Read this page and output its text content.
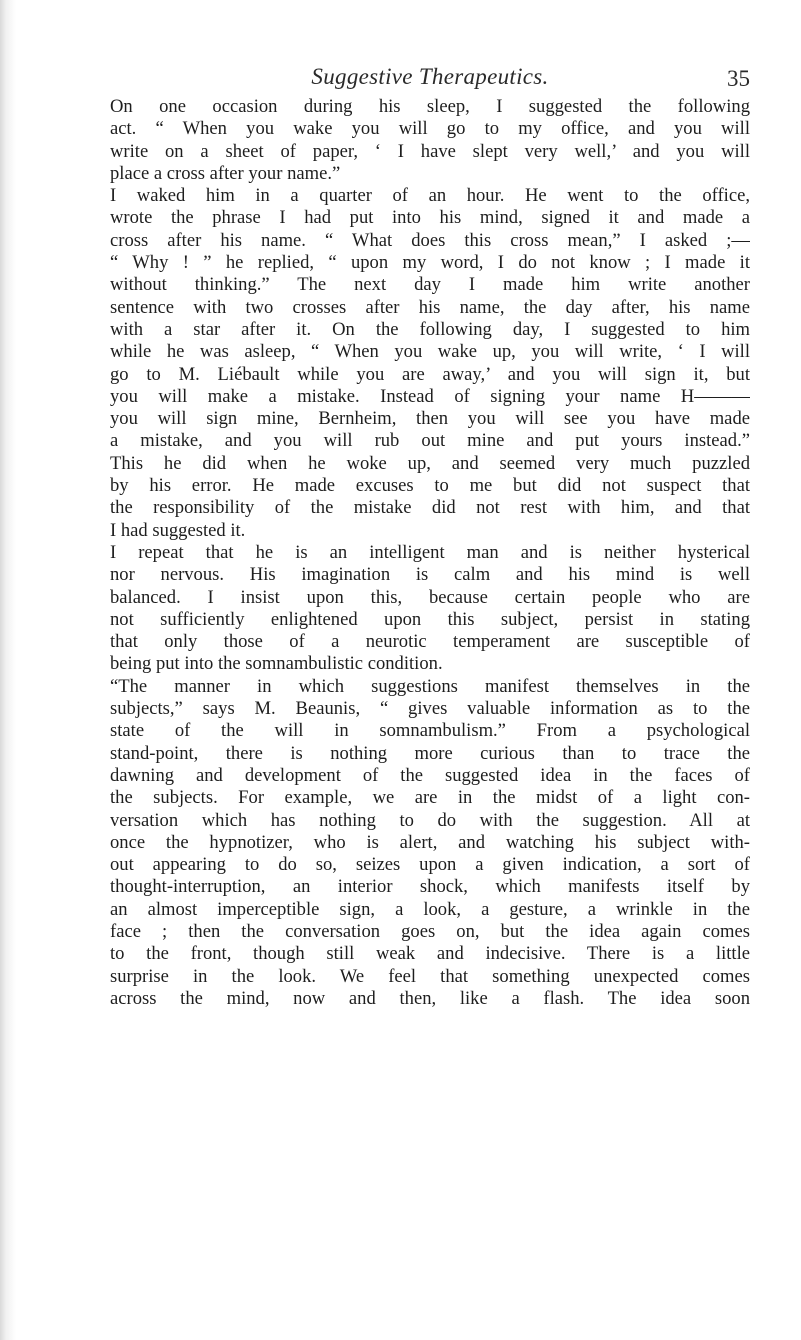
Suggestive Therapeutics.	35
On one occasion during his sleep, I suggested the following
act. “ When you wake you will go to my office, and you will
write on a sheet of paper, ‘ I have slept very well,’ and you will
place a cross after your name.”
I waked him in a quarter of an hour. He went to the office,
wrote the phrase I had put into his mind, signed it and made a
cross after his name. “ What does this cross mean,” I asked ;—
“ Why ! ” he replied, “ upon my word, I do not know ; I made it
without thinking.” The next day I made him write another
sentence with two crosses after his name, the day after, his name
with a star after it. On the following day, I suggested to him
while he was asleep, “ When you wake up, you will write, ‘ I will
go to M. Liébault while you are away,’ and you will sign it, but
you will make a mistake. Instead of signing your name H———
you will sign mine, Bernheim, then you will see you have made
a mistake, and you will rub out mine and put yours instead.”
This he did when he woke up, and seemed very much puzzled
by his error. He made excuses to me but did not suspect that
the responsibility of the mistake did not rest with him, and that
I had suggested it.
I repeat that he is an intelligent man and is neither hysterical
nor nervous. His imagination is calm and his mind is well
balanced. I insist upon this, because certain people who are
not sufficiently enlightened upon this subject, persist in stating
that only those of a neurotic temperament are susceptible of
being put into the somnambulistic condition.
“The manner in which suggestions manifest themselves in the
subjects,” says M. Beaunis, “ gives valuable information as to the
state of the will in somnambulism.” From a psychological
stand-point, there is nothing more curious than to trace the
dawning and development of the suggested idea in the faces of
the subjects. For example, we are in the midst of a light con-
versation which has nothing to do with the suggestion. All at
once the hypnotizer, who is alert, and watching his subject with-
out appearing to do so, seizes upon a given indication, a sort of
thought-interruption, an interior shock, which manifests itself by
an almost imperceptible sign, a look, a gesture, a wrinkle in the
face ; then the conversation goes on, but the idea again comes
to the front, though still weak and indecisive. There is a little
surprise in the look. We feel that something unexpected comes
across the mind, now and then, like a flash. The idea soon
